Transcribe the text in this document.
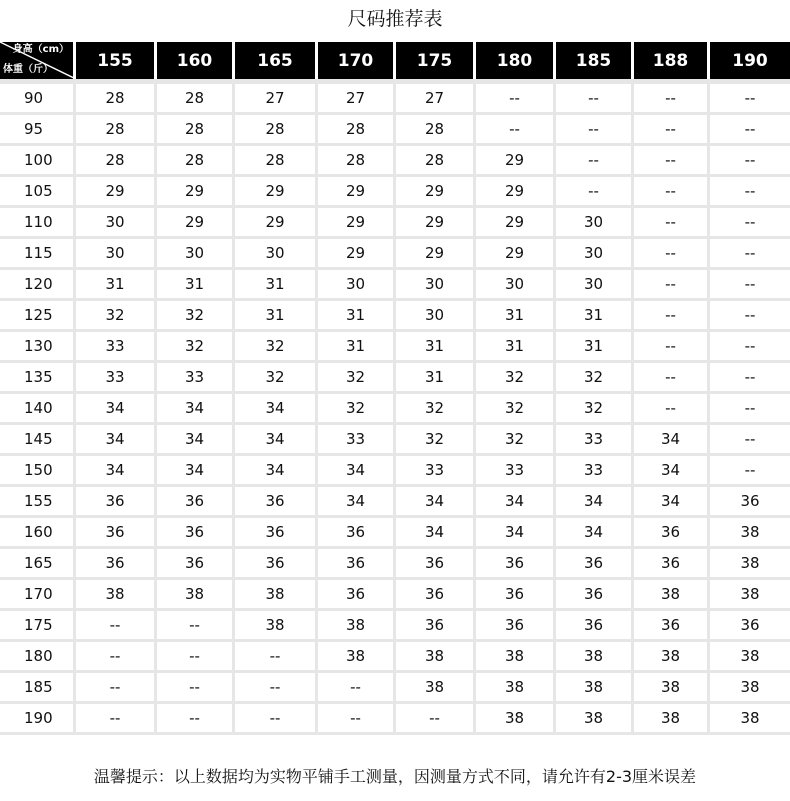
尺码推荐表
身高（cm）
体重（斤）	155	160	165	170	175	180	185	188	190
90	28	28	27	27	27	--	--	--	--
95	28	28	28	28	28	--	--	--	--
100	28	28	28	28	28	29	--	--	--
105	29	29	29	29	29	29	--	--	--
110	30	29	29	29	29	29	30	--	--
115	30	30	30	29	29	29	30	--	--
120	31	31	31	30	30	30	30	--	--
125	32	32	31	31	30	31	31	--	--
130	33	32	32	31	31	31	31	--	--
135	33	33	32	32	31	32	32	--	--
140	34	34	34	32	32	32	32	--	--
145	34	34	34	33	32	32	33	34	--
150	34	34	34	34	33	33	33	34	--
155	36	36	36	34	34	34	34	34	36
160	36	36	36	36	34	34	34	36	38
165	36	36	36	36	36	36	36	36	38
170	38	38	38	36	36	36	36	38	38
175	--	--	38	38	36	36	36	36	36
180	--	--	--	38	38	38	38	38	38
185	--	--	--	--	38	38	38	38	38
190	--	--	--	--	--	38	38	38	38
温馨提示：以上数据均为实物平铺手工测量，因测量方式不同，请允许有2-3厘米误差
